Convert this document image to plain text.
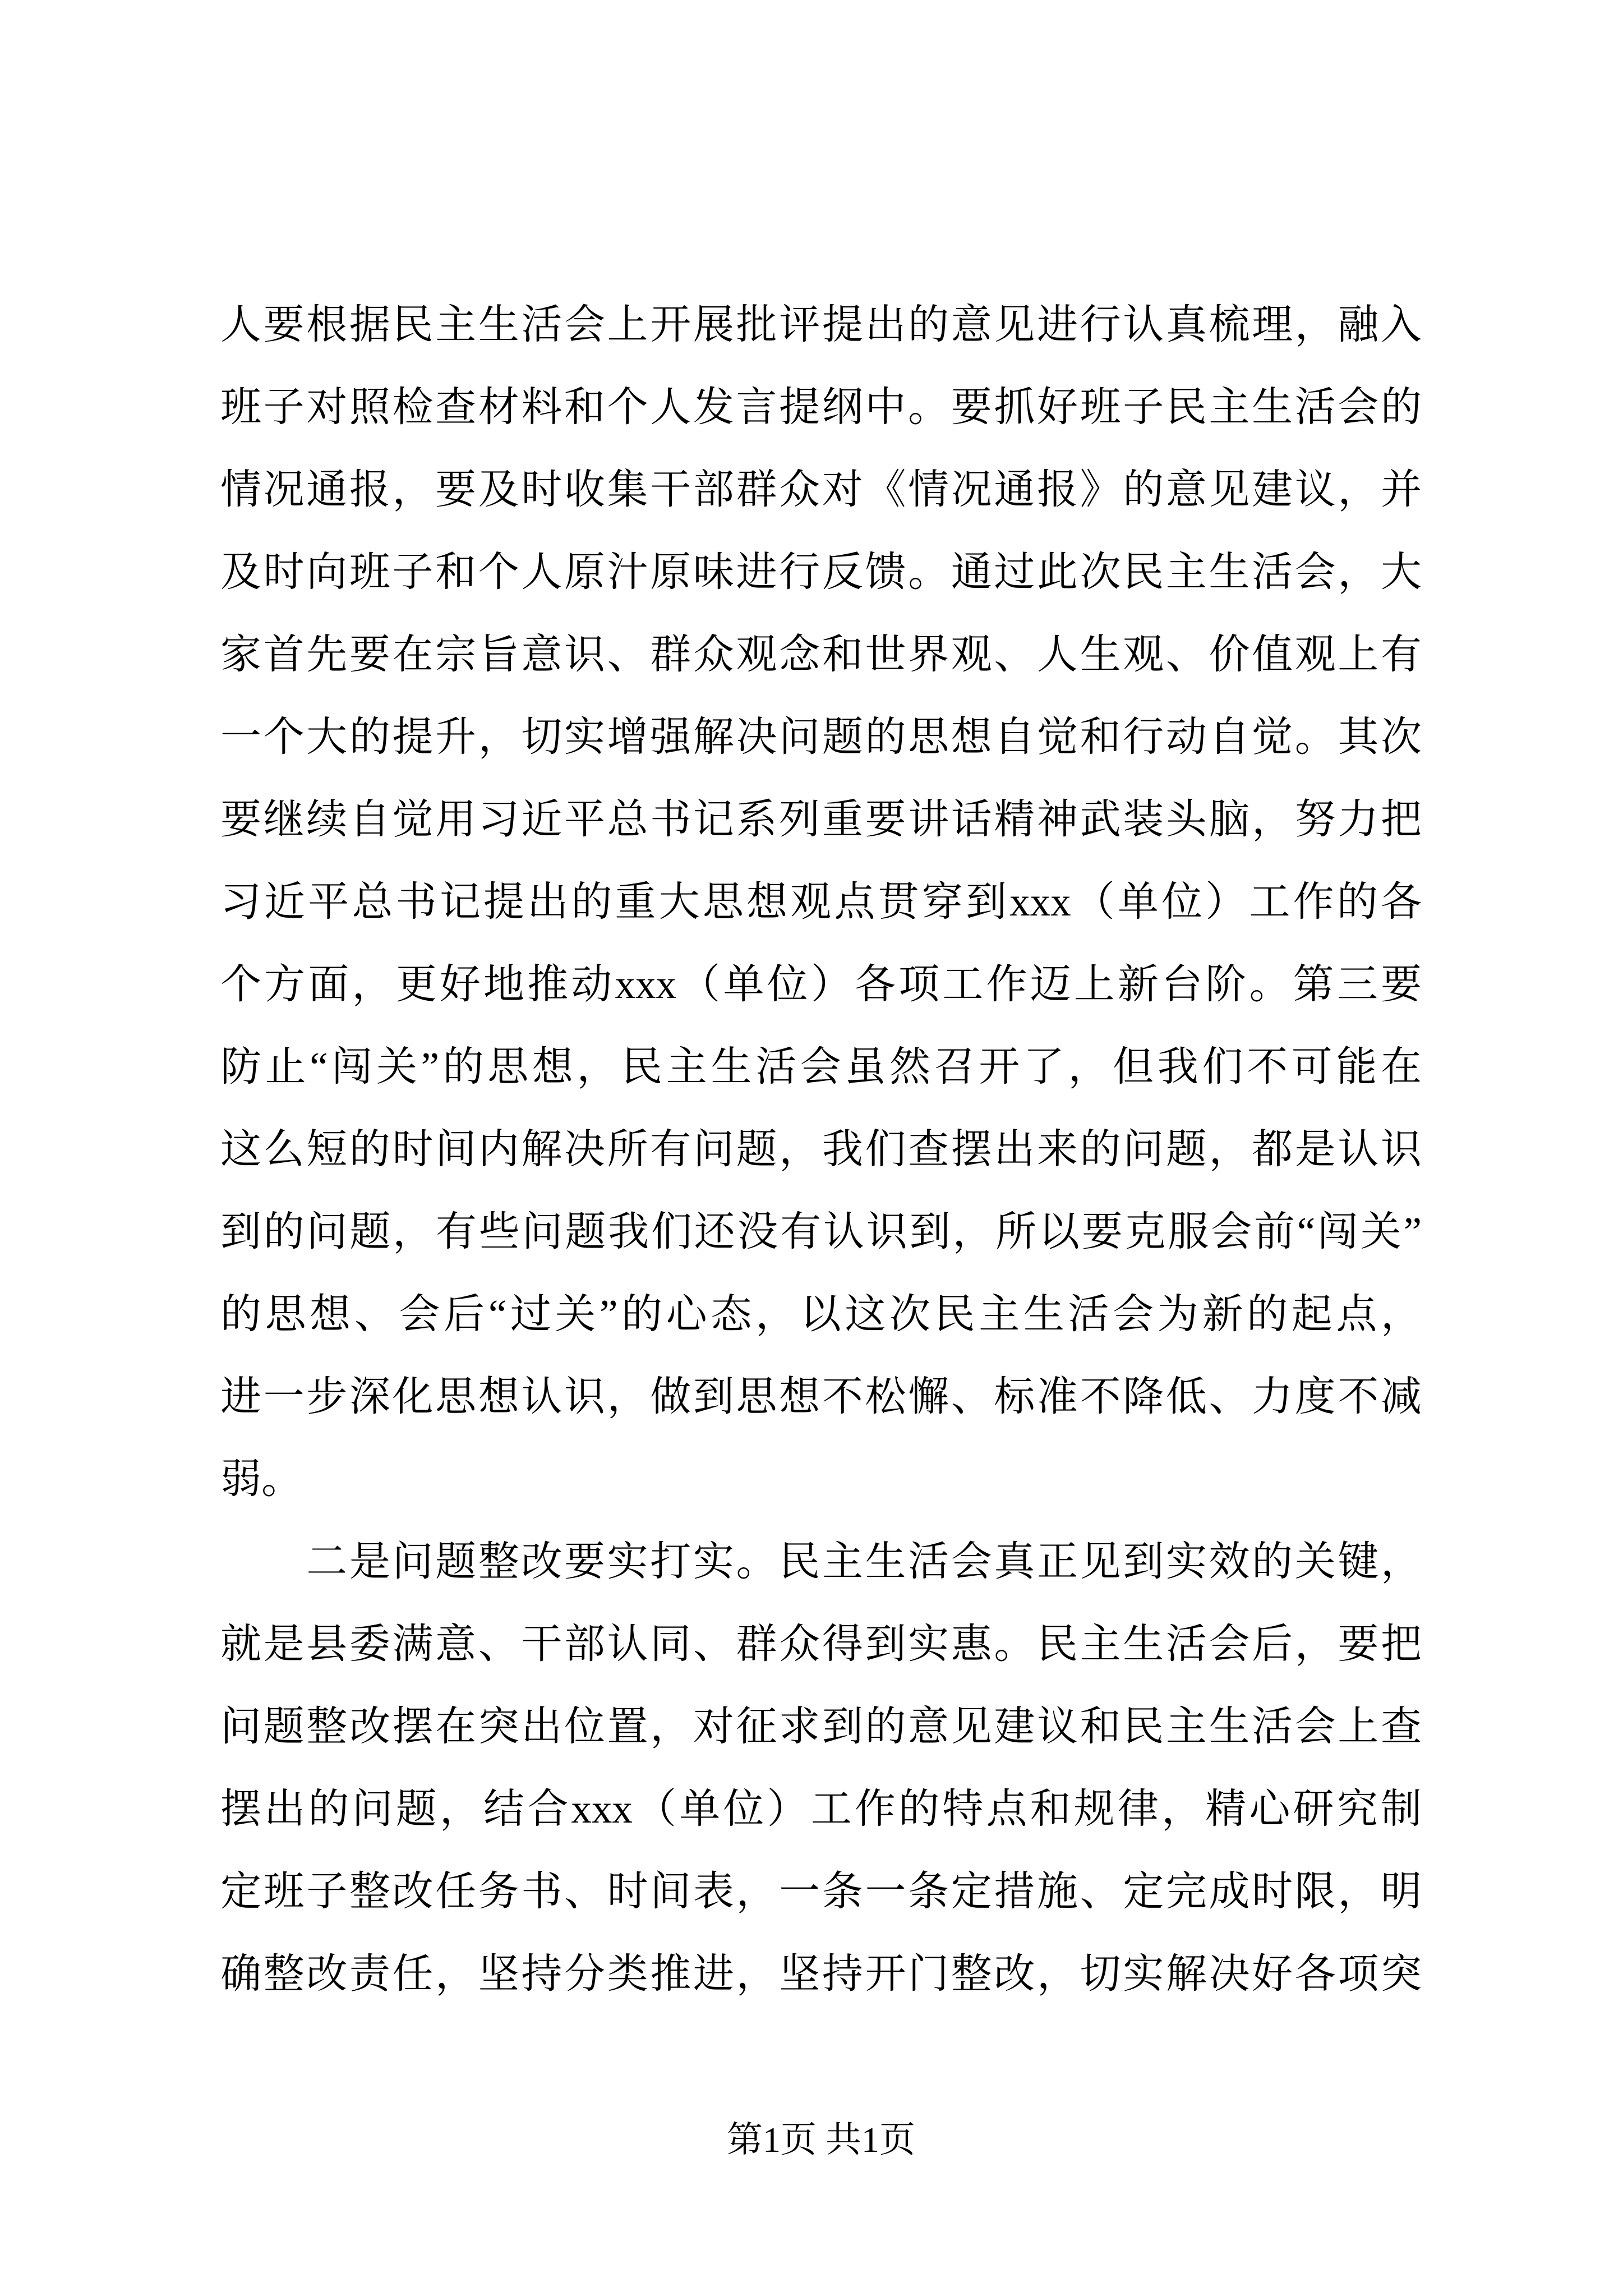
人要根据民主生活会上开展批评提出的意见进行认真梳理，融入
班子对照检查材料和个人发言提纲中。要抓好班子民主生活会的
情况通报，要及时收集干部群众对《情况通报》的意见建议，并
及时向班子和个人原汁原味进行反馈。通过此次民主生活会，大
家首先要在宗旨意识、群众观念和世界观、人生观、价值观上有
一个大的提升，切实增强解决问题的思想自觉和行动自觉。其次
要继续自觉用习近平总书记系列重要讲话精神武装头脑，努力把
习近平总书记提出的重大思想观点贯穿到xxx（单位）工作的各
个方面，更好地推动xxx（单位）各项工作迈上新台阶。第三要
防止“闯关”的思想，民主生活会虽然召开了，但我们不可能在
这么短的时间内解决所有问题，我们查摆出来的问题，都是认识
到的问题，有些问题我们还没有认识到，所以要克服会前“闯关”
的思想、会后“过关”的心态，以这次民主生活会为新的起点，
进一步深化思想认识，做到思想不松懈、标准不降低、力度不减
弱。
　　二是问题整改要实打实。民主生活会真正见到实效的关键，
就是县委满意、干部认同、群众得到实惠。民主生活会后，要把
问题整改摆在突出位置，对征求到的意见建议和民主生活会上查
摆出的问题，结合xxx（单位）工作的特点和规律，精心研究制
定班子整改任务书、时间表，一条一条定措施、定完成时限，明
确整改责任，坚持分类推进，坚持开门整改，切实解决好各项突
第1页 共1页
